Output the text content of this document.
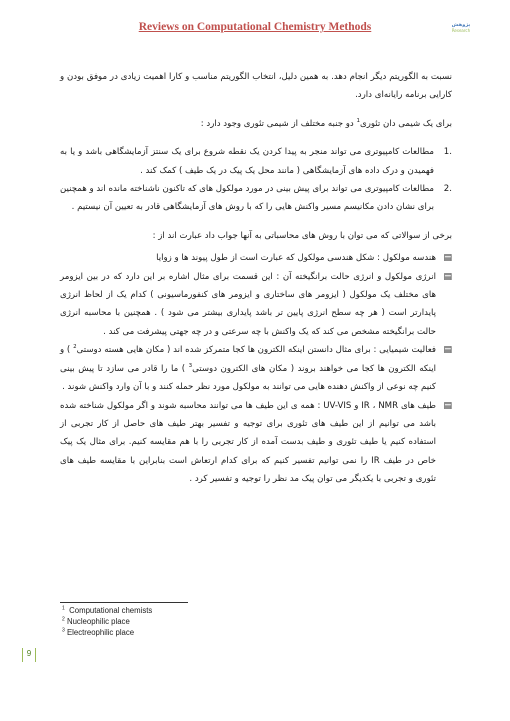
Reviews on Computational Chemistry Methods	ﭘﮋﻭﻫﺶ
Research

نسبت به الگوریتم دیگر انجام دهد. به همین دلیل، انتخاب الگوریتم مناسب و کارا اهمیت زیادی در موفق بودن و کارایی برنامه رایانه‌ای دارد.

برای یک شیمی دان تئوری$^1$ دو جنبه مختلف از شیمی تئوری وجود دارد :

.1
مطالعات کامپیوتری می تواند منجر به پیدا کردن یک نقطه شروع برای یک سنتز آزمایشگاهی باشد و یا به فهمیدن و درک داده های آزمایشگاهی ( مانند محل یک پیک در یک طیف ) کمک کند .
.2
مطالعات کامپیوتری می تواند برای پیش بینی در مورد مولکول های که تاکنون ناشناخته مانده اند و همچنین برای نشان دادن مکانیسم مسیر واکنش هایی را که با روش های آزمایشگاهی قادر به تعیین آن نیستیم .

برخی از سوالاتی که می توان با روش های محاسباتی به آنها جواب داد عبارت اند از :

▤
هندسه مولکول : شکل هندسی مولکول که عبارت است از طول پیوند ها و زوایا
▤
انرژی مولکول و انرژی حالت برانگیخته آن : این قسمت برای مثال اشاره بر این دارد که در بین ایزومر های مختلف یک مولکول ( ایزومر های ساختاری و ایزومر های کنفورماسیونی ) کدام یک از لحاظ انرژی پایدارتر است ( هر چه سطح انرژی پایین تر باشد پایداری بیشتر می شود ) . همچنین با محاسبه انرژی حالت برانگیخته مشخص می کند که یک واکنش با چه سرعتی و در چه جهتی پیشرفت می کند .
▤
فعالیت شیمیایی : برای مثال دانستن اینکه الکترون ها کجا متمرکز شده اند ( مکان هایی هسته دوستی$^2$ ) و اینکه الکترون ها کجا می خواهند بروند ( مکان های الکترون دوستی$^3$ ) ما را قادر می سازد تا پیش بینی کنیم چه نوعی از واکنش دهنده هایی می توانند به مولکول مورد نظر حمله کنند و با آن وارد واکنش شوند .
▤
طیف های IR ، NMR و UV-VIS : همه ی این طیف ها می توانند محاسبه شوند و اگر مولکول شناخته شده باشد می توانیم از این طیف های تئوری برای توجیه و تفسیر بهتر طیف های حاصل از کار تجربی از استفاده کنیم یا طیف تئوری و طیف بدست آمده از کار تجربی را با هم مقایسه کنیم. برای مثال یک پیک خاص در طیف IR را نمی توانیم تفسیر کنیم که برای کدام ارتعاش است بنابراین با مقایسه طیف های تئوری و تجربی با یکدیگر می توان پیک مد نظر را توجیه و تفسیر کرد .
$^1$ Computational chemists
$^2$ Nucleophilic place
$^3$ Electreophilic place
9
